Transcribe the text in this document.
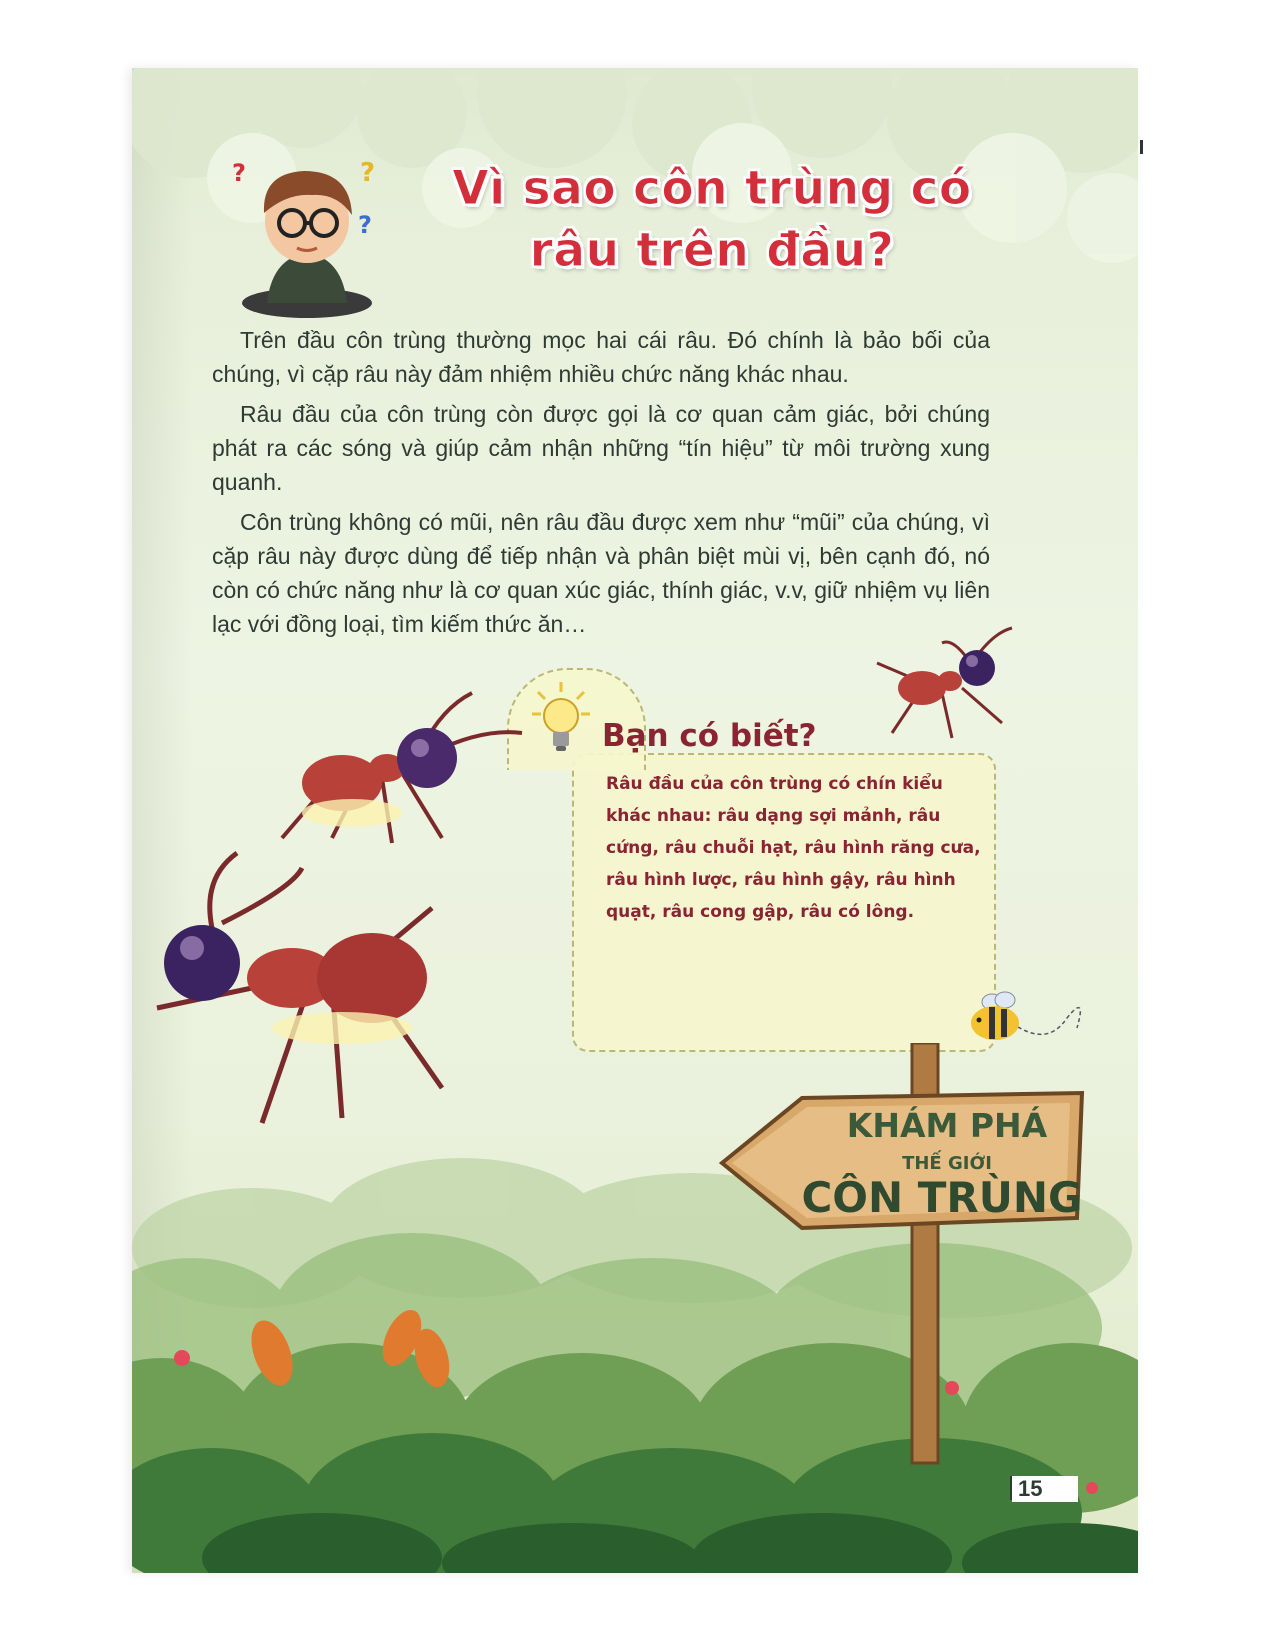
?	?
?
Vì sao côn trùng có
râu trên đầu?

Trên đầu côn trùng thường mọc hai cái râu. Đó chính là bảo bối của chúng, vì cặp râu này đảm nhiệm nhiều chức năng khác nhau.

Râu đầu của côn trùng còn được gọi là cơ quan cảm giác, bởi chúng phát ra các sóng và giúp cảm nhận những “tín hiệu” từ môi trường xung quanh.

Côn trùng không có mũi, nên râu đầu được xem như “mũi” của chúng, vì cặp râu này được dùng để tiếp nhận và phân biệt mùi vị, bên cạnh đó, nó còn có chức năng như là cơ quan xúc giác, thính giác, v.v, giữ nhiệm vụ liên lạc với đồng loại, tìm kiếm thức ăn…

Bạn có biết?
Râu đầu của côn trùng có chín kiểu khác nhau: râu dạng sợi mảnh, râu cứng, râu chuỗi hạt, râu hình răng cưa, râu hình lược, râu hình gậy, râu hình quạt, râu cong gập, râu có lông.
KHÁM PHÁ
THẾ GIỚI
CÔN TRÙNG
15
